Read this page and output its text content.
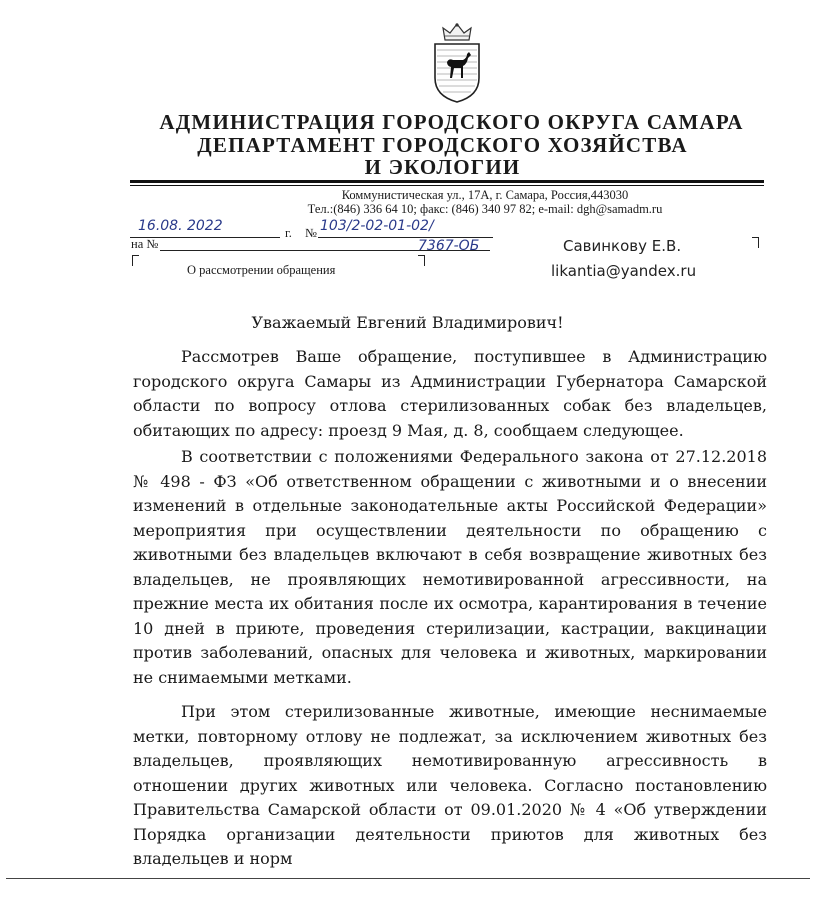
АДМИНИСТРАЦИЯ ГОРОДСКОГО ОКРУГА САМАРА
ДЕПАРТАМЕНТ ГОРОДСКОГО ХОЗЯЙСТВА
И ЭКОЛОГИИ
Коммунистическая ул., 17А, г. Самара, Россия,443030
Тел.:(846) 336 64 10; факс: (846) 340 97 82; e-mail: dgh@samadm.ru
16.08. 2022	г. № 103/2-02-01-02/
на №	7367-ОБ
О рассмотрении обращения
Савинкову Е.В.
likantia@yandex.ru
Уважаемый Евгений Владимирович!

Рассмотрев Ваше обращение, поступившее в Администрацию городского округа Самары из Администрации Губернатора Самарской области по вопросу отлова стерилизованных собак без владельцев, обитающих по адресу: проезд 9 Мая, д. 8, сообщаем следующее.

В соответствии с положениями Федерального закона от 27.12.2018 № 498 - ФЗ «Об ответственном обращении с животными и о внесении изменений в отдельные законодательные акты Российской Федерации» мероприятия при осуществлении деятельности по обращению с животными без владельцев включают в себя возвращение животных без владельцев, не проявляющих немотивированной агрессивности, на прежние места их обитания после их осмотра, карантирования в течение 10 дней в приюте, проведения стерилизации, кастрации, вакцинации против заболеваний, опасных для человека и животных, маркировании не снимаемыми метками.

При этом стерилизованные животные, имеющие неснимаемые метки, повторному отлову не подлежат, за исключением животных без владельцев, проявляющих немотивированную агрессивность в отношении других животных или человека. Согласно постановлению Правительства Самарской области от 09.01.2020 № 4 «Об утверждении Порядка организации деятельности приютов для животных без владельцев и норм
